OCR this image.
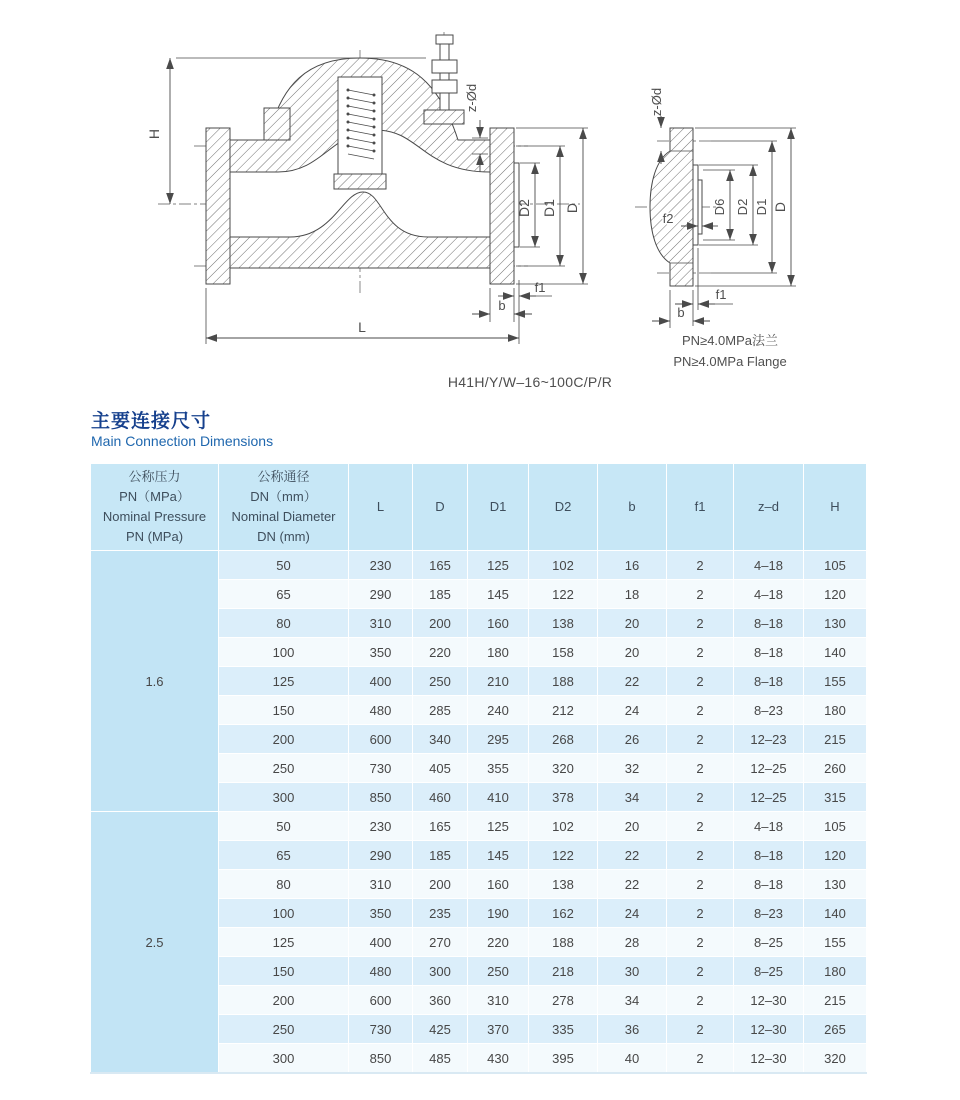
H
L
D2 D1 D
z-Ød
f1
b
z-Ød
f2
D6 D2 D1 D
f1
b
H41H/Y/W–16~100C/P/R
PN≥4.0MPa法兰
PN≥4.0MPa Flange
主要连接尺寸
Main Connection Dimensions
公称压力
PN（MPa）
Nominal Pressure
PN (MPa)

公称通径
DN（mm）
Nominal Diameter
DN (mm)
	L	D	D1	D2	b	f1	z–d	H
1.6	50	230	165	125	102	16	2	4–18	105
	65	290	185	145	122	18	2	4–18	120
	80	310	200	160	138	20	2	8–18	130
	100	350	220	180	158	20	2	8–18	140
	125	400	250	210	188	22	2	8–18	155
	150	480	285	240	212	24	2	8–23	180
	200	600	340	295	268	26	2	12–23	215
	250	730	405	355	320	32	2	12–25	260
	300	850	460	410	378	34	2	12–25	315
2.5	50	230	165	125	102	20	2	4–18	105
	65	290	185	145	122	22	2	8–18	120
	80	310	200	160	138	22	2	8–18	130
	100	350	235	190	162	24	2	8–23	140
	125	400	270	220	188	28	2	8–25	155
	150	480	300	250	218	30	2	8–25	180
	200	600	360	310	278	34	2	12–30	215
	250	730	425	370	335	36	2	12–30	265
	300	850	485	430	395	40	2	12–30	320
